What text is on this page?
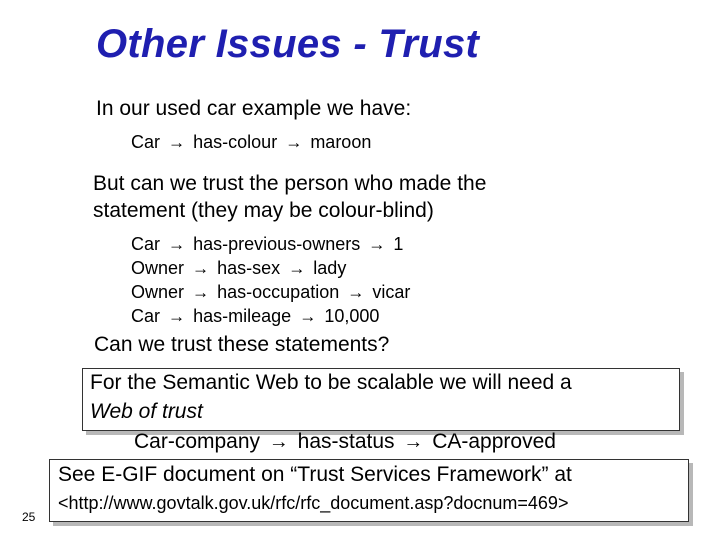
Other Issues - Trust
In our used car example we have:
Car → has-colour → maroon
But can we trust the person who made the
statement (they may be colour-blind)
Car → has-previous-owners → 1
Owner → has-sex → lady
Owner → has-occupation → vicar
Car → has-mileage → 10,000
Can we trust these statements?
For the Semantic Web to be scalable we will need a
Web of trust
Car-company → has-status → CA-approved
See E-GIF document on “Trust Services Framework” at
<http://www.govtalk.gov.uk/rfc/rfc_document.asp?docnum=469>
25
